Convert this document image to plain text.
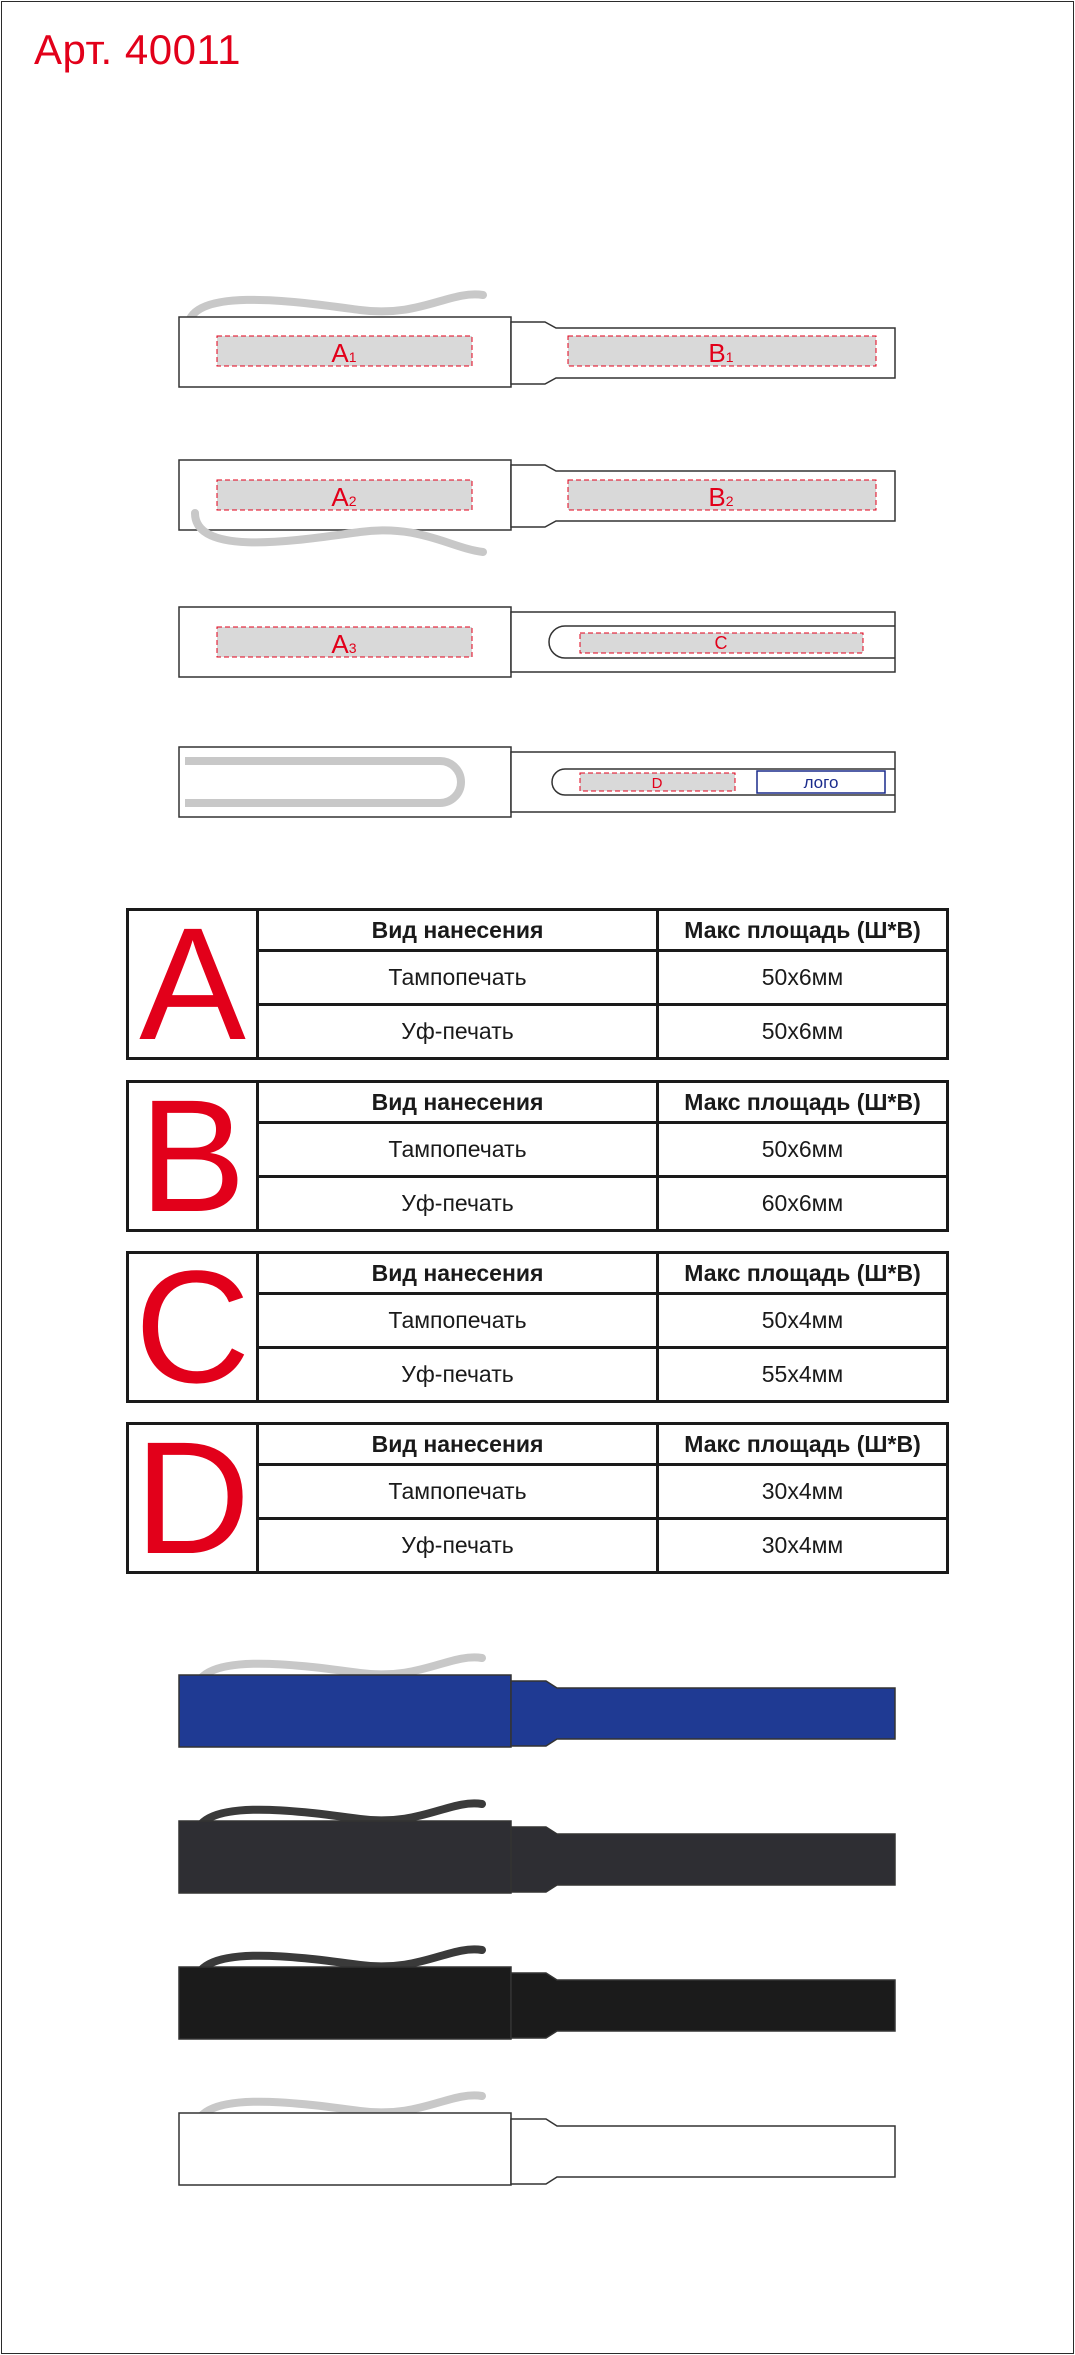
Арт. 40011
A1	B1
A2	B2
A3	C
D	лого
A	Вид нанесения	Макс площадь (Ш*В)
Тампопечать	50x6мм
Уф-печать	50x6мм
B	Вид нанесения	Макс площадь (Ш*В)
Тампопечать	50x6мм
Уф-печать	60x6мм
C	Вид нанесения	Макс площадь (Ш*В)
Тампопечать	50x4мм
Уф-печать	55x4мм
D	Вид нанесения	Макс площадь (Ш*В)
Тампопечать	30x4мм
Уф-печать	30x4мм
